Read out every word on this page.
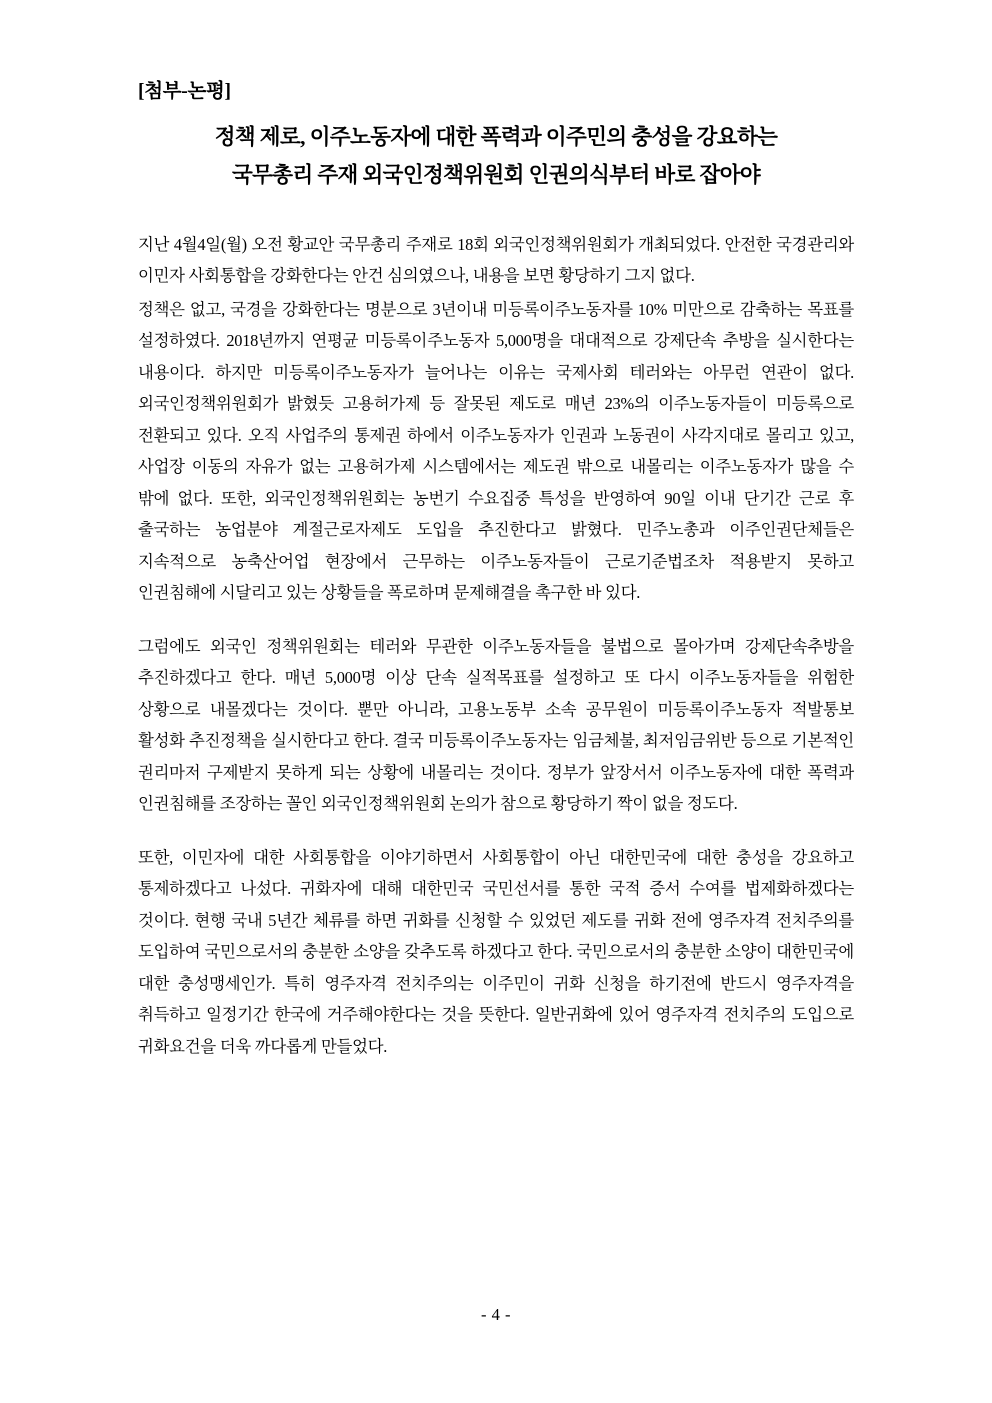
[첨부-논평]
정책 제로, 이주노동자에 대한 폭력과 이주민의 충성을 강요하는
국무총리 주재 외국인정책위원회 인권의식부터 바로 잡아야

지난 4월4일(월) 오전 황교안 국무총리 주재로 18회 외국인정책위원회가 개최되었다. 안전한 국경관리와 이민자 사회통합을 강화한다는 안건 심의였으나, 내용을 보면 황당하기 그지 없다.

정책은 없고, 국경을 강화한다는 명분으로 3년이내 미등록이주노동자를 10% 미만으로 감축하는 목표를 설정하였다. 2018년까지 연평균 미등록이주노동자 5,000명을 대대적으로 강제단속 추방을 실시한다는 내용이다. 하지만 미등록이주노동자가 늘어나는 이유는 국제사회 테러와는 아무런 연관이 없다. 외국인정책위원회가 밝혔듯 고용허가제 등 잘못된 제도로 매년 23%의 이주노동자들이 미등록으로 전환되고 있다. 오직 사업주의 통제권 하에서 이주노동자가 인권과 노동권이 사각지대로 몰리고 있고, 사업장 이동의 자유가 없는 고용허가제 시스템에서는 제도권 밖으로 내몰리는 이주노동자가 많을 수 밖에 없다. 또한, 외국인정책위원회는 농번기 수요집중 특성을 반영하여 90일 이내 단기간 근로 후 출국하는 농업분야 계절근로자제도 도입을 추진한다고 밝혔다. 민주노총과 이주인권단체들은 지속적으로 농축산어업 현장에서 근무하는 이주노동자들이 근로기준법조차 적용받지 못하고 인권침해에 시달리고 있는 상황들을 폭로하며 문제해결을 촉구한 바 있다.

그럼에도 외국인 정책위원회는 테러와 무관한 이주노동자들을 불법으로 몰아가며 강제단속추방을 추진하겠다고 한다. 매년 5,000명 이상 단속 실적목표를 설정하고 또 다시 이주노동자들을 위험한 상황으로 내몰겠다는 것이다. 뿐만 아니라, 고용노동부 소속 공무원이 미등록이주노동자 적발통보 활성화 추진정책을 실시한다고 한다. 결국 미등록이주노동자는 임금체불, 최저임금위반 등으로 기본적인 권리마저 구제받지 못하게 되는 상황에 내몰리는 것이다. 정부가 앞장서서 이주노동자에 대한 폭력과 인권침해를 조장하는 꼴인 외국인정책위원회 논의가 참으로 황당하기 짝이 없을 정도다.

또한, 이민자에 대한 사회통합을 이야기하면서 사회통합이 아닌 대한민국에 대한 충성을 강요하고 통제하겠다고 나섰다. 귀화자에 대해 대한민국 국민선서를 통한 국적 증서 수여를 법제화하겠다는 것이다. 현행 국내 5년간 체류를 하면 귀화를 신청할 수 있었던 제도를 귀화 전에 영주자격 전치주의를 도입하여 국민으로서의 충분한 소양을 갖추도록 하겠다고 한다. 국민으로서의 충분한 소양이 대한민국에 대한 충성맹세인가. 특히 영주자격 전치주의는 이주민이 귀화 신청을 하기전에 반드시 영주자격을 취득하고 일정기간 한국에 거주해야한다는 것을 뜻한다. 일반귀화에 있어 영주자격 전치주의 도입으로 귀화요건을 더욱 까다롭게 만들었다.

- 4 -
